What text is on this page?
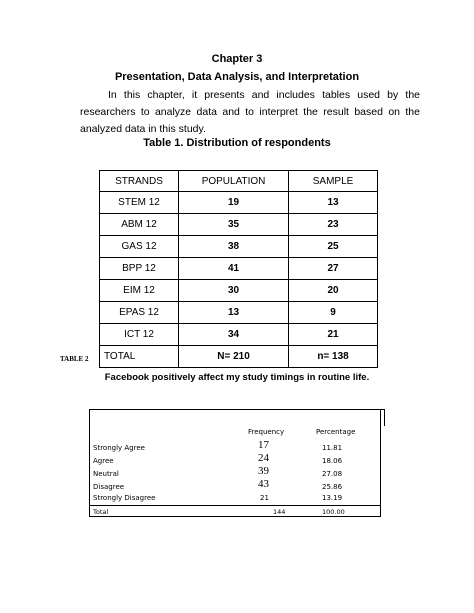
Chapter 3
Presentation, Data Analysis, and Interpretation
In this chapter, it presents and includes tables used by the researchers to analyze data and to interpret the result based on the analyzed data in this study.
Table 1. Distribution of respondents
STRANDS	POPULATION	SAMPLE
STEM 12	19	13
ABM 12	35	23
GAS 12	38	25
BPP 12	41	27
EIM 12	30	20
EPAS 12	13	9
ICT 12	34	21
TOTAL	N= 210	n= 138
TABLE 2
Facebook positively affect my study timings in routine life.
Frequency	Percentage
Strongly Agree	17	11.81
Agree	24	18.06
Neutral	39	27.08
Disagree	43	25.86
Strongly Disagree	21	13.19
Total	144	100.00
